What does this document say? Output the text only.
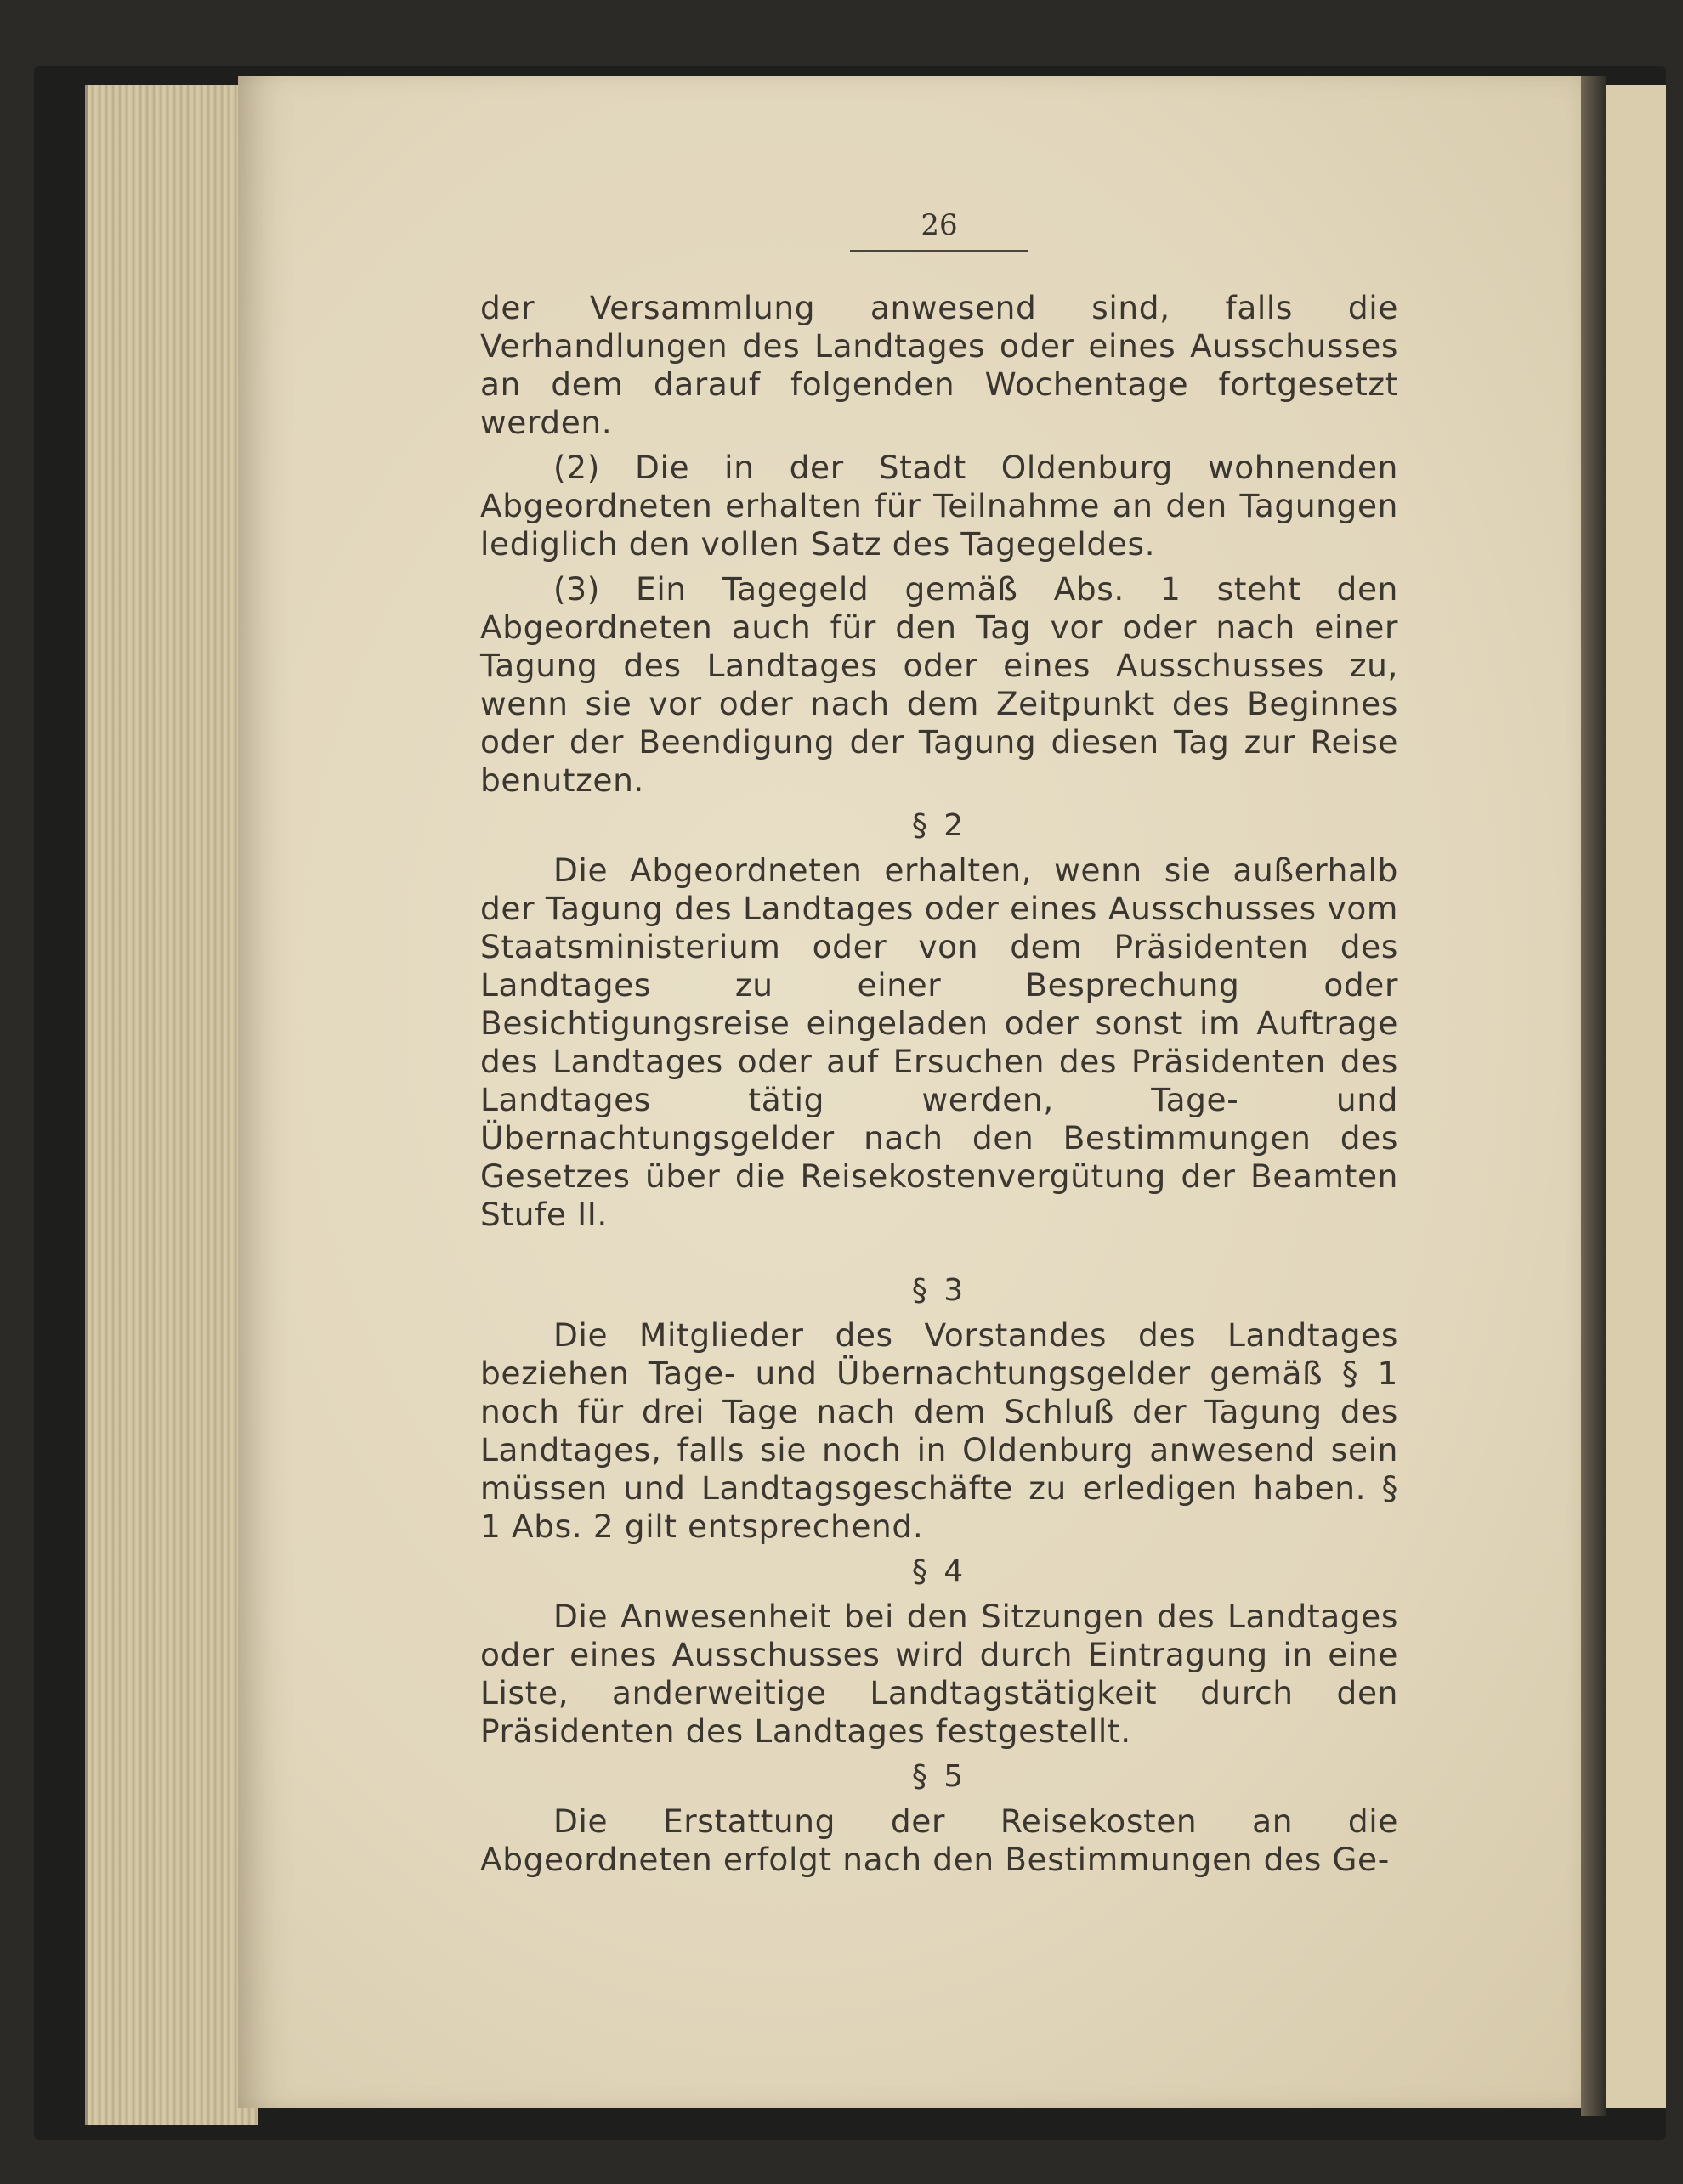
26

der Versammlung anwesend sind, falls die Verhandlungen des Landtages oder eines Ausschusses an dem darauf folgenden Wochentage fortgesetzt werden.

(2) Die in der Stadt Oldenburg wohnenden Abgeordneten erhalten für Teilnahme an den Tagungen lediglich den vollen Satz des Tagegeldes.

(3) Ein Tagegeld gemäß Abs. 1 steht den Abgeordneten auch für den Tag vor oder nach einer Tagung des Landtages oder eines Ausschusses zu, wenn sie vor oder nach dem Zeitpunkt des Beginnes oder der Beendigung der Tagung diesen Tag zur Reise benutzen.

§ 2

Die Abgeordneten erhalten, wenn sie außerhalb der Tagung des Landtages oder eines Ausschusses vom Staatsministerium oder von dem Präsidenten des Landtages zu einer Besprechung oder Besichtigungsreise eingeladen oder sonst im Auftrage des Landtages oder auf Ersuchen des Präsidenten des Landtages tätig werden, Tage- und Übernachtungsgelder nach den Bestimmungen des Gesetzes über die Reisekostenvergütung der Beamten Stufe II.

§ 3

Die Mitglieder des Vorstandes des Landtages beziehen Tage- und Übernachtungsgelder gemäß § 1 noch für drei Tage nach dem Schluß der Tagung des Landtages, falls sie noch in Oldenburg anwesend sein müssen und Landtagsgeschäfte zu erledigen haben. § 1 Abs. 2 gilt entsprechend.

§ 4

Die Anwesenheit bei den Sitzungen des Landtages oder eines Ausschusses wird durch Eintragung in eine Liste, anderweitige Landtagstätigkeit durch den Präsidenten des Landtages festgestellt.

§ 5

Die Erstattung der Reisekosten an die Abgeordneten erfolgt nach den Bestimmungen des Ge-
